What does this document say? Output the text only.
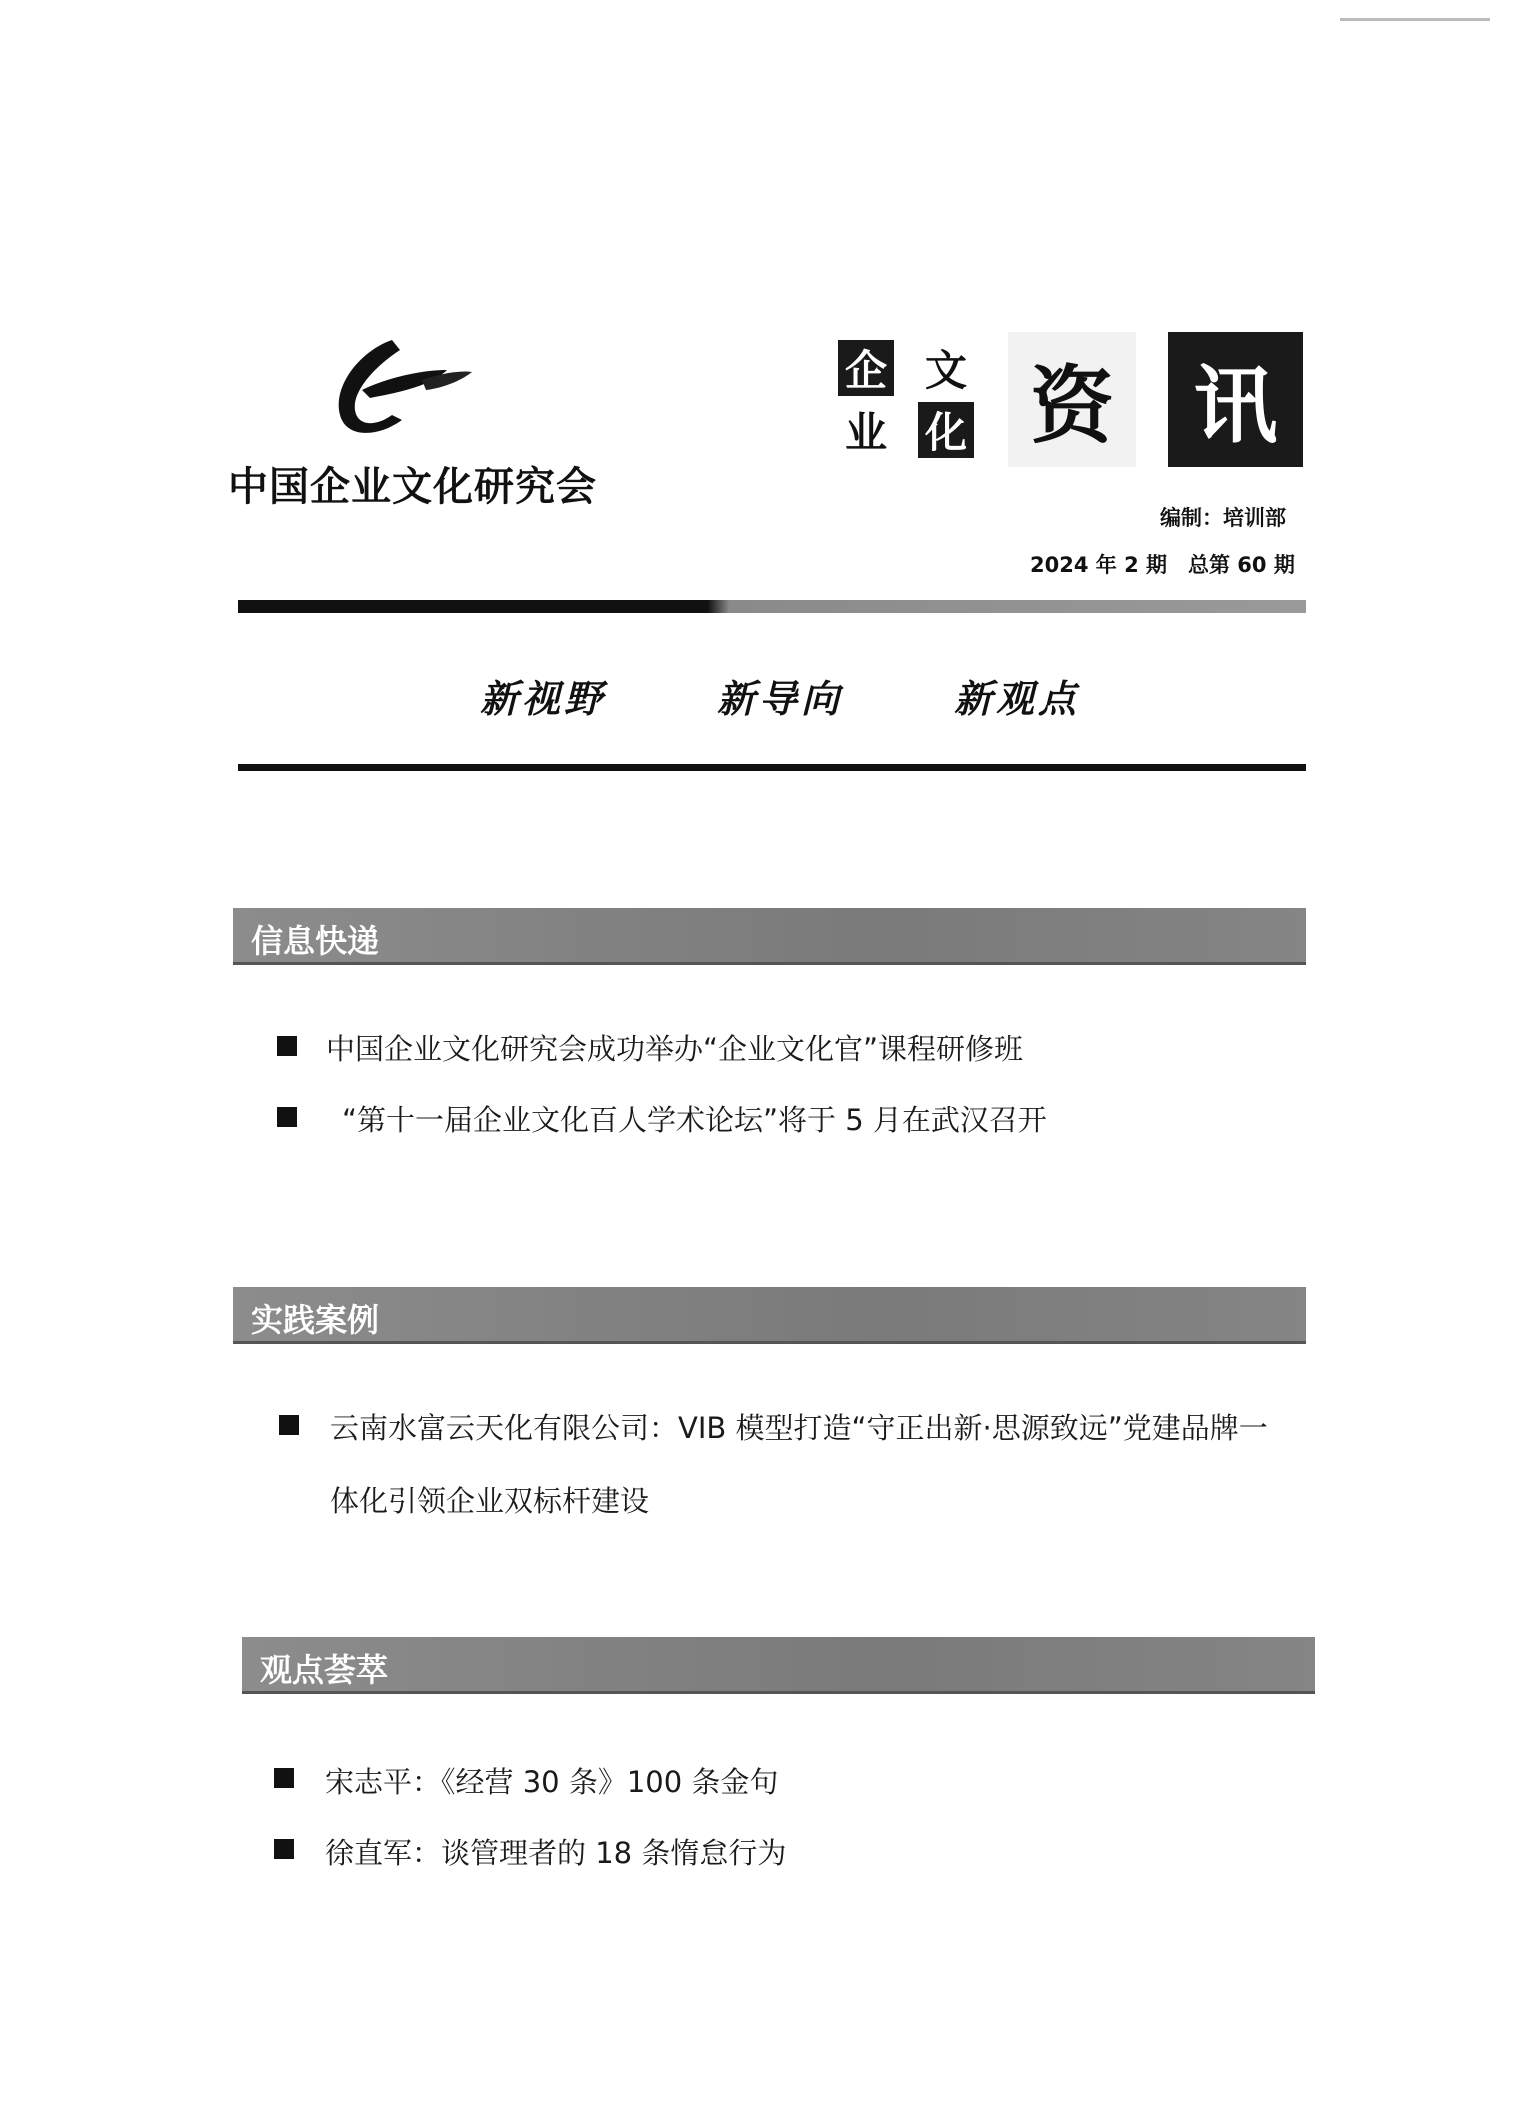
中国企业文化研究会
企
业
文
化 资 讯
编制：培训部
2024 年 2 期　总第 60 期
新视野	新导向	新观点
信息快递
中国企业文化研究会成功举办“企业文化官”课程研修班
“第十一届企业文化百人学术论坛”将于 5 月在武汉召开
实践案例
云南水富云天化有限公司：VIB 模型打造“守正出新·思源致远”党建品牌一
体化引领企业双标杆建设
观点荟萃
宋志平：《经营 30 条》100 条金句
徐直军：谈管理者的 18 条惰怠行为
